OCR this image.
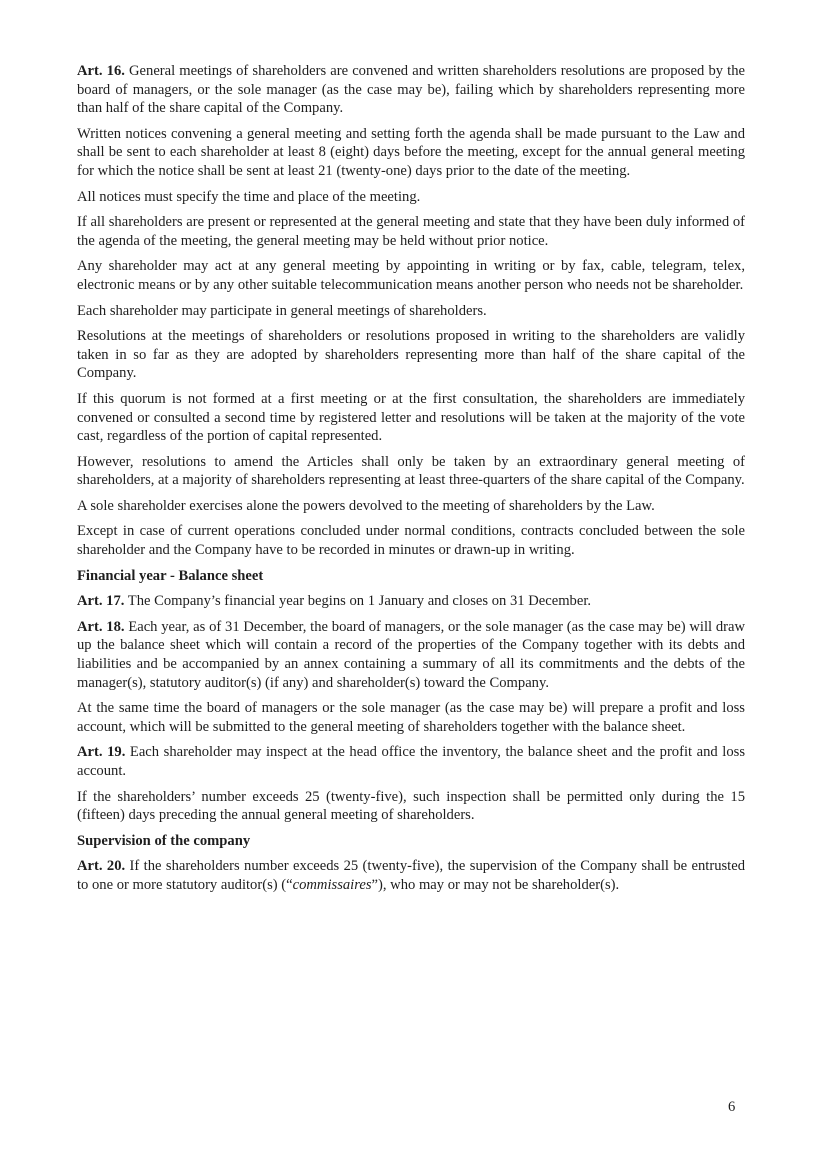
Art. 16. General meetings of shareholders are convened and written shareholders resolutions are proposed by the board of managers, or the sole manager (as the case may be), failing which by shareholders representing more than half of the share capital of the Company.

Written notices convening a general meeting and setting forth the agenda shall be made pursuant to the Law and shall be sent to each shareholder at least 8 (eight) days before the meeting, except for the annual general meeting for which the notice shall be sent at least 21 (twenty-one) days prior to the date of the meeting.

All notices must specify the time and place of the meeting.

If all shareholders are present or represented at the general meeting and state that they have been duly informed of the agenda of the meeting, the general meeting may be held without prior notice.

Any shareholder may act at any general meeting by appointing in writing or by fax, cable, telegram, telex, electronic means or by any other suitable telecommunication means another person who needs not be shareholder.

Each shareholder may participate in general meetings of shareholders.

Resolutions at the meetings of shareholders or resolutions proposed in writing to the shareholders are validly taken in so far as they are adopted by shareholders representing more than half of the share capital of the Company.

If this quorum is not formed at a first meeting or at the first consultation, the shareholders are immediately convened or consulted a second time by registered letter and resolutions will be taken at the majority of the vote cast, regardless of the portion of capital represented.

However, resolutions to amend the Articles shall only be taken by an extraordinary general meeting of shareholders, at a majority of shareholders representing at least three-quarters of the share capital of the Company.

A sole shareholder exercises alone the powers devolved to the meeting of shareholders by the Law.

Except in case of current operations concluded under normal conditions, contracts concluded between the sole shareholder and the Company have to be recorded in minutes or drawn-up in writing.

Financial year - Balance sheet

Art. 17. The Company’s financial year begins on 1 January and closes on 31 December.

Art. 18. Each year, as of 31 December, the board of managers, or the sole manager (as the case may be) will draw up the balance sheet which will contain a record of the properties of the Company together with its debts and liabilities and be accompanied by an annex containing a summary of all its commitments and the debts of the manager(s), statutory auditor(s) (if any) and shareholder(s) toward the Company.

At the same time the board of managers or the sole manager (as the case may be) will prepare a profit and loss account, which will be submitted to the general meeting of shareholders together with the balance sheet.

Art. 19. Each shareholder may inspect at the head office the inventory, the balance sheet and the profit and loss account.

If the shareholders’ number exceeds 25 (twenty-five), such inspection shall be permitted only during the 15 (fifteen) days preceding the annual general meeting of shareholders.

Supervision of the company

Art. 20. If the shareholders number exceeds 25 (twenty-five), the supervision of the Company shall be entrusted to one or more statutory auditor(s) (“commissaires”), who may or may not be shareholder(s).

6
